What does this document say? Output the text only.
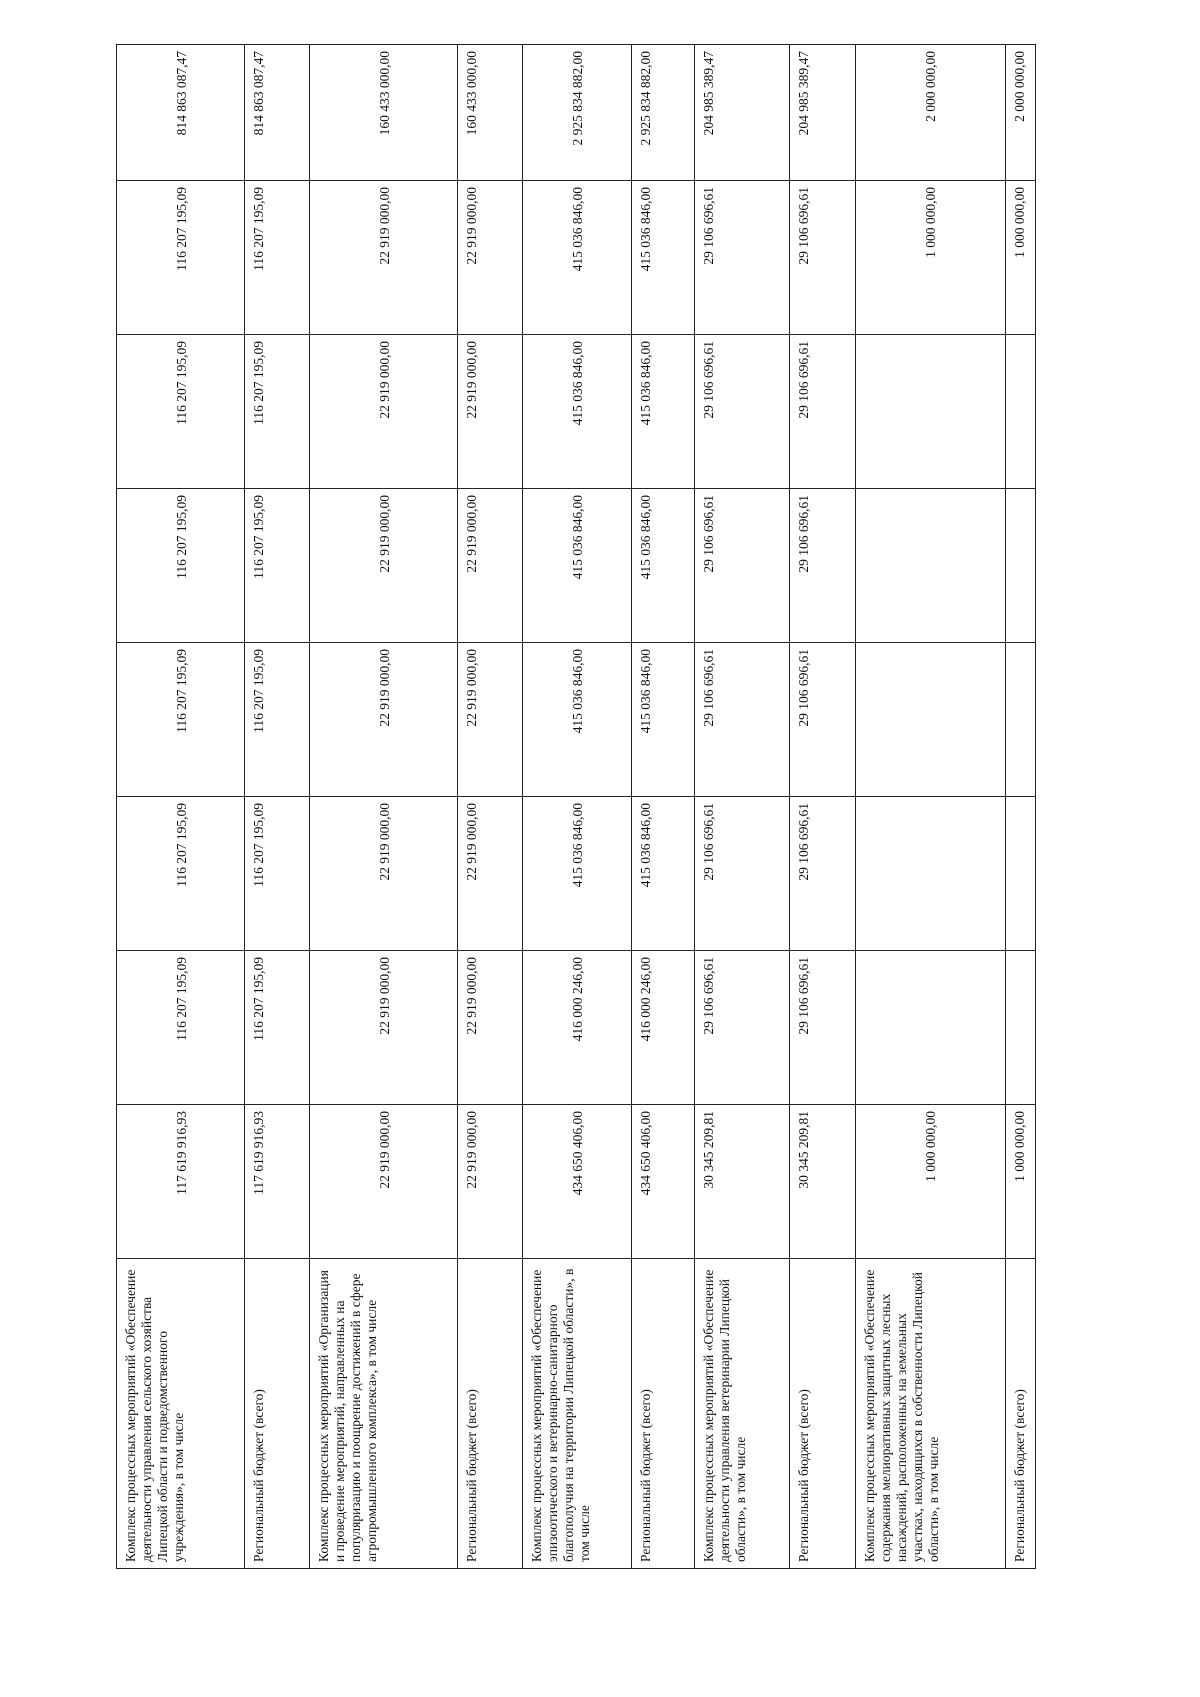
Комплекс процессных мероприятий «Обеспечение деятельности управления сельского хозяйства Липецкой области и подведомственного учреждения», в том числе	117 619 916,93	116 207 195,09	116 207 195,09	116 207 195,09	116 207 195,09	116 207 195,09	116 207 195,09	814 863 087,47
Региональный бюджет (всего)	117 619 916,93	116 207 195,09	116 207 195,09	116 207 195,09	116 207 195,09	116 207 195,09	116 207 195,09	814 863 087,47
Комплекс процессных мероприятий «Организация и проведение мероприятий, направленных на популяризацию и поощрение достижений в сфере агропромышленного комплекса», в том числе	22 919 000,00	22 919 000,00	22 919 000,00	22 919 000,00	22 919 000,00	22 919 000,00	22 919 000,00	160 433 000,00
Региональный бюджет (всего)	22 919 000,00	22 919 000,00	22 919 000,00	22 919 000,00	22 919 000,00	22 919 000,00	22 919 000,00	160 433 000,00
Комплекс процессных мероприятий «Обеспечение эпизоотического и ветеринарно-санитарного благополучия на территории Липецкой области», в том числе	434 650 406,00	416 000 246,00	415 036 846,00	415 036 846,00	415 036 846,00	415 036 846,00	415 036 846,00	2 925 834 882,00
Региональный бюджет (всего)	434 650 406,00	416 000 246,00	415 036 846,00	415 036 846,00	415 036 846,00	415 036 846,00	415 036 846,00	2 925 834 882,00
Комплекс процессных мероприятий «Обеспечение деятельности управления ветеринарии Липецкой области», в том числе	30 345 209,81	29 106 696,61	29 106 696,61	29 106 696,61	29 106 696,61	29 106 696,61	29 106 696,61	204 985 389,47
Региональный бюджет (всего)	30 345 209,81	29 106 696,61	29 106 696,61	29 106 696,61	29 106 696,61	29 106 696,61	29 106 696,61	204 985 389,47
Комплекс процессных мероприятий «Обеспечение содержания мелиоративных защитных лесных насаждений, расположенных на земельных участках, находящихся в собственности Липецкой области», в том числе	1 000 000,00						1 000 000,00	2 000 000,00
Региональный бюджет (всего)	1 000 000,00						1 000 000,00	2 000 000,00
